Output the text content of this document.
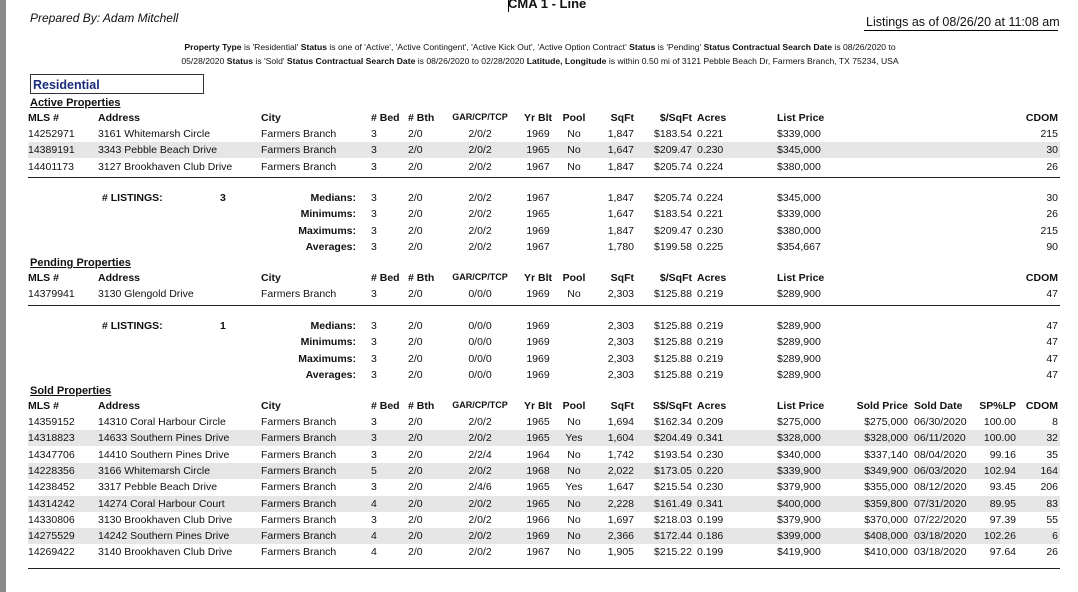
Prepared By: Adam Mitchell
CMA 1 - Line
Listings as of 08/26/20 at 11:08 am
Property Type is 'Residential' Status is one of 'Active', 'Active Contingent', 'Active Kick Out', 'Active Option Contract' Status is 'Pending' Status Contractual Search Date is 08/26/2020 to
05/28/2020 Status is 'Sold' Status Contractual Search Date is 08/26/2020 to 02/28/2020 Latitude, Longitude is within 0.50 mi of 3121 Pebble Beach Dr, Farmers Branch, TX 75234, USA
Residential
Active Properties
MLS #	Address	City	# Bed # Bth	GAR/CP/TCP	Yr Blt	Pool	SqFt	$/SqFt Acres	List Price	CDOM
14252971	3161 Whitemarsh Circle	Farmers Branch	3	2/0	2/0/2	1969	No	1,847	$183.54 0.221	$339,000	215
14389191	3343 Pebble Beach Drive	Farmers Branch	3	2/0	2/0/2	1965	No	1,647	$209.47 0.230	$345,000	30
14401173	3127 Brookhaven Club Drive	Farmers Branch	3	2/0	2/0/2	1967	No	1,847	$205.74 0.224	$380,000	26
# LISTINGS:	3	Medians: 3	2/0	2/0/2	1967	1,847	$205.74 0.224	$345,000	30
Minimums: 3	2/0	2/0/2	1965	1,647	$183.54 0.221	$339,000	26
Maximums: 3	2/0	2/0/2	1969	1,847	$209.47 0.230	$380,000	215
Averages: 3	2/0	2/0/2	1967	1,780	$199.58 0.225	$354,667	90
Pending Properties
MLS #	Address	City	# Bed # Bth	GAR/CP/TCP	Yr Blt	Pool	SqFt	$/SqFt Acres	List Price	CDOM
14379941	3130 Glengold Drive	Farmers Branch	3	2/0	0/0/0	1969	No	2,303	$125.88 0.219	$289,900	47
# LISTINGS:	1	Medians: 3	2/0	0/0/0	1969	2,303	$125.88 0.219	$289,900	47
Minimums: 3	2/0	0/0/0	1969	2,303	$125.88 0.219	$289,900	47
Maximums: 3	2/0	0/0/0	1969	2,303	$125.88 0.219	$289,900	47
Averages: 3	2/0	0/0/0	1969	2,303	$125.88 0.219	$289,900	47
Sold Properties
MLS #	Address	City	# Bed # Bth	GAR/CP/TCP	Yr Blt	Pool	SqFt	S$/SqFt Acres	List Price	Sold Price Sold Date	SP%LP CDOM
14359152	14310 Coral Harbour Circle	Farmers Branch	3	2/0	2/0/2	1965	No	1,694	$162.34 0.209	$275,000	$275,000 06/30/2020	100.00	8
14318823	14633 Southern Pines Drive	Farmers Branch	3	2/0	2/0/2	1965	Yes	1,604	$204.49 0.341	$328,000	$328,000 06/11/2020	100.00	32
14347706	14410 Southern Pines Drive	Farmers Branch	3	2/0	2/2/4	1964	No	1,742	$193.54 0.230	$340,000	$337,140 08/04/2020	99.16	35
14228356	3166 Whitemarsh Circle	Farmers Branch	5	2/0	2/0/2	1968	No	2,022	$173.05 0.220	$339,900	$349,900 06/03/2020	102.94	164
14238452	3317 Pebble Beach Drive	Farmers Branch	3	2/0	2/4/6	1965	Yes	1,647	$215.54 0.230	$379,900	$355,000 08/12/2020	93.45	206
14314242	14274 Coral Harbour Court	Farmers Branch	4	2/0	2/0/2	1965	No	2,228	$161.49 0.341	$400,000	$359,800 07/31/2020	89.95	83
14330806	3130 Brookhaven Club Drive	Farmers Branch	3	2/0	2/0/2	1966	No	1,697	$218.03 0.199	$379,900	$370,000 07/22/2020	97.39	55
14275529	14242 Southern Pines Drive	Farmers Branch	4	2/0	2/0/2	1969	No	2,366	$172.44 0.186	$399,000	$408,000 03/18/2020	102.26	6
14269422	3140 Brookhaven Club Drive	Farmers Branch	4	2/0	2/0/2	1967	No	1,905	$215.22 0.199	$419,900	$410,000 03/18/2020	97.64	26
